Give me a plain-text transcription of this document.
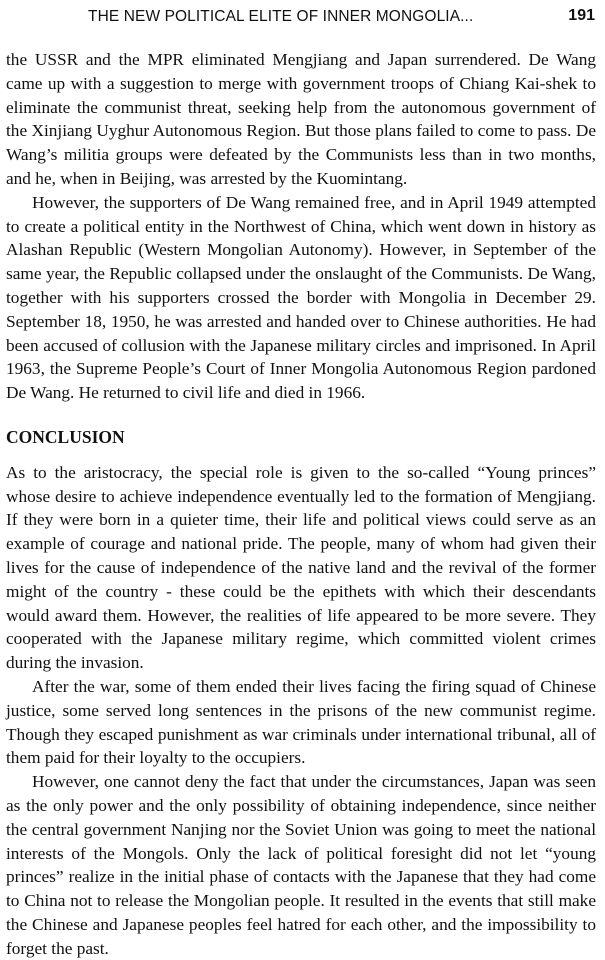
THE NEW POLITICAL ELITE OF INNER MONGOLIA...	191

the USSR and the MPR eliminated Mengjiang and Japan surrendered. De Wang came up with a suggestion to merge with government troops of Chiang Kai-shek to eliminate the communist threat, seeking help from the autonomous government of the Xinjiang Uyghur Autonomous Region. But those plans failed to come to pass. De Wang’s militia groups were defeated by the Communists less than in two months, and he, when in Beijing, was arrested by the Kuomintang.

However, the supporters of De Wang remained free, and in April 1949 attempted to create a political entity in the Northwest of China, which went down in history as Alashan Republic (Western Mongolian Autonomy). However, in September of the same year, the Republic collapsed under the onslaught of the Communists. De Wang, together with his supporters crossed the border with Mongolia in December 29. September 18, 1950, he was arrested and handed over to Chinese authorities. He had been accused of collusion with the Japanese military circles and imprisoned. In April 1963, the Supreme People’s Court of Inner Mongolia Autonomous Region pardoned De Wang. He returned to civil life and died in 1966.

CONCLUSION

As to the aristocracy, the special role is given to the so-called “Young princes” whose desire to achieve independence eventually led to the formation of Mengjiang. If they were born in a quieter time, their life and political views could serve as an example of courage and national pride. The people, many of whom had given their lives for the cause of independence of the native land and the revival of the former might of the country - these could be the epithets with which their descendants would award them. However, the realities of life appeared to be more severe. They cooperated with the Japanese military regime, which committed violent crimes during the invasion.

After the war, some of them ended their lives facing the firing squad of Chinese justice, some served long sentences in the prisons of the new communist regime. Though they escaped punishment as war criminals under international tribunal, all of them paid for their loyalty to the occupiers.

However, one cannot deny the fact that under the circumstances, Japan was seen as the only power and the only possibility of obtaining independence, since neither the central government Nanjing nor the Soviet Union was going to meet the national interests of the Mongols. Only the lack of political foresight did not let “young princes” realize in the initial phase of contacts with the Japanese that they had come to China not to release the Mongolian people. It resulted in the events that still make the Chinese and Japanese peoples feel hatred for each other, and the impossibility to forget the past.
